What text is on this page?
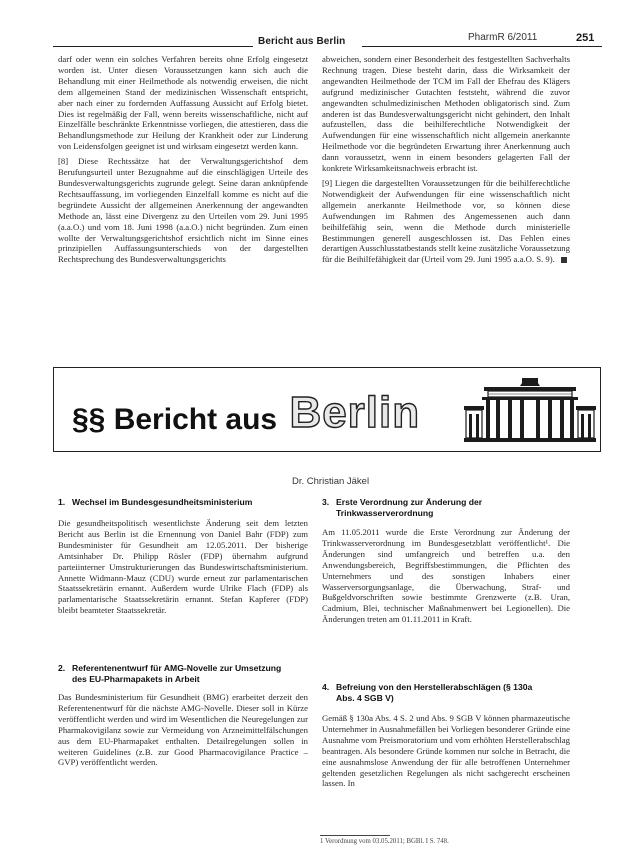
Bericht aus Berlin	PharmR 6/2011	251

darf oder wenn ein solches Verfahren bereits ohne Erfolg eingesetzt worden ist. Unter diesen Voraussetzungen kann sich auch die Behandlung mit einer Heilmethode als notwendig erweisen, die nicht dem allgemeinen Stand der medizinischen Wissenschaft entspricht, aber nach einer zu fordernden Auffassung Aussicht auf Erfolg bietet. Dies ist regelmäßig der Fall, wenn bereits wissenschaftliche, nicht auf Einzelfälle beschränkte Erkenntnisse vorliegen, die attestieren, dass die Behandlungsmethode zur Heilung der Krankheit oder zur Linderung von Leidensfolgen geeignet ist und wirksam eingesetzt werden kann.

[8] Diese Rechtssätze hat der Verwaltungsgerichtshof dem Berufungsurteil unter Bezugnahme auf die einschlägigen Urteile des Bundesverwaltungsgerichts zugrunde gelegt. Seine daran anknüpfende Rechtsauffassung, im vorliegenden Einzelfall komme es nicht auf die begründete Aussicht der allgemeinen Anerkennung der angewandten Methode an, lässt eine Divergenz zu den Urteilen vom 29. Juni 1995 (a.a.O.) und vom 18. Juni 1998 (a.a.O.) nicht begründen. Zum einen wollte der Verwaltungsgerichtshof ersichtlich nicht im Sinne eines prinzipiellen Auffassungsunterschieds von der dargestellten Rechtsprechung des Bundesverwaltungsgerichts

abweichen, sondern einer Besonderheit des festgestellten Sachverhalts Rechnung tragen. Diese besteht darin, dass die Wirksamkeit der angewandten Heilmethode der TCM im Fall der Ehefrau des Klägers aufgrund medizinischer Gutachten feststeht, während die zuvor angewandten schulmedizinischen Methoden obligatorisch sind. Zum anderen ist das Bundesverwaltungsgericht nicht gehindert, den Inhalt aufzustellen, dass die beihilferechtliche Notwendigkeit der Aufwendungen für eine wissenschaftlich nicht allgemein anerkannte Heilmethode vor die begründeten Erwartung ihrer Anerkennung auch dann voraussetzt, wenn in einem besonders gelagerten Fall der konkrete Wirksamkeitsnachweis erbracht ist.

[9] Liegen die dargestellten Voraussetzungen für die beihilferechtliche Notwendigkeit der Aufwendungen für eine wissenschaftlich nicht allgemein anerkannte Heilmethode vor, so können diese Aufwendungen im Rahmen des Angemessenen auch dann beihilfefähig sein, wenn die Methode durch ministerielle Bestimmungen generell ausgeschlossen ist. Das Fehlen eines derartigen Ausschlusstatbestands stellt keine zusätzliche Voraussetzung für die Beihilfefähigkeit dar (Urteil vom 29. Juni 1995 a.a.O. S. 9).

§§ Bericht aus Berlin
Dr. Christian Jäkel
1. Wechsel im Bundesgesundheitsministerium
Die gesundheitspolitisch wesentlichste Änderung seit dem letzten Bericht aus Berlin ist die Ernennung von Daniel Bahr (FDP) zum Bundesminister für Gesundheit am 12.05.2011. Der bisherige Amtsinhaber Dr. Philipp Rösler (FDP) übernahm aufgrund parteiinterner Umstrukturierungen das Bundeswirtschaftsministerium. Annette Widmann-Mauz (CDU) wurde erneut zur parlamentarischen Staatssekretärin ernannt. Außerdem wurde Ulrike Flach (FDP) als parlamentarische Staatssekretärin ernannt. Stefan Kapferer (FDP) bleibt beamteter Staatssekretär.
2. Referentenentwurf für AMG-Novelle zur Umsetzung
des EU-Pharmapakets in Arbeit
Das Bundesministerium für Gesundheit (BMG) erarbeitet derzeit den Referentenentwurf für die nächste AMG-Novelle. Dieser soll in Kürze veröffentlicht werden und wird im Wesentlichen die Neuregelungen zur Pharmakovigilanz sowie zur Vermeidung von Arzneimittelfälschungen aus dem EU-Pharmapaket enthalten. Detailregelungen sollen in weiteren Guidelines (z.B. zur Good Pharmacovigilance Practice – GVP) veröffentlicht werden.
3. Erste Verordnung zur Änderung der
Trinkwasserverordnung
Am 11.05.2011 wurde die Erste Verordnung zur Änderung der Trinkwasserverordnung im Bundesgesetzblatt veröffentlicht¹. Die Änderungen sind umfangreich und betreffen u.a. den Anwendungsbereich, Begriffsbestimmungen, die Pflichten des Unternehmers und des sonstigen Inhabers einer Wasserversorgungsanlage, die Überwachung, Straf- und Bußgeldvorschriften sowie bestimmte Grenzwerte (z.B. Uran, Cadmium, Blei, technischer Maßnahmenwert bei Legionellen). Die Änderungen treten am 01.11.2011 in Kraft.
4. Befreiung von den Herstellerabschlägen (§ 130a
Abs. 4 SGB V)
Gemäß § 130a Abs. 4 S. 2 und Abs. 9 SGB V können pharmazeutische Unternehmer in Ausnahmefällen bei Vorliegen besonderer Gründe eine Ausnahme vom Preismoratorium und vom erhöhten Herstellerabschlag beantragen. Als besondere Gründe kommen nur solche in Betracht, die eine ausnahmslose Anwendung der für alle betroffenen Unternehmer geltenden gesetzlichen Regelungen als nicht sachgerecht erscheinen lassen. In
1 Verordnung vom 03.05.2011; BGBl. I S. 748.
